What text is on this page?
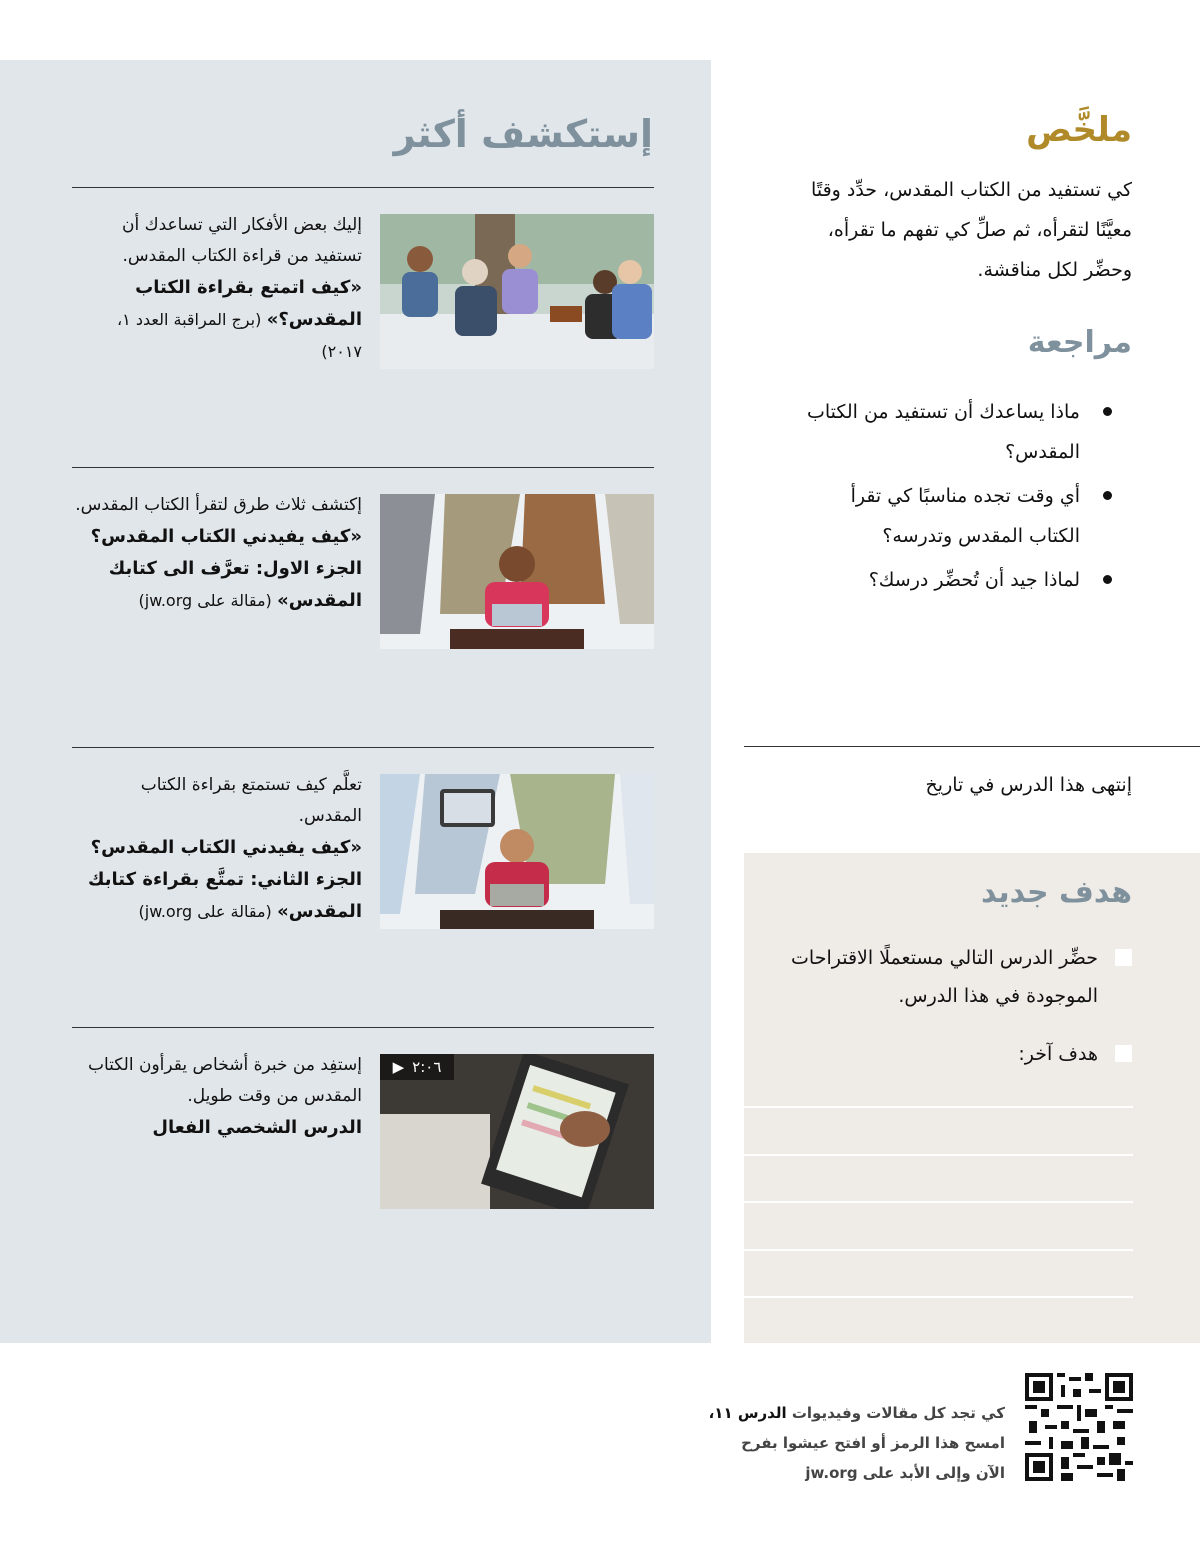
إستكشف أكثر
إليك بعض الأفكار التي تساعدك أن تستفيد من قراءة الكتاب المقدس.
«كيف اتمتع بقراءة الكتاب المقدس؟» (برج المراقبة العدد ١، ٢٠١٧)
إكتشف ثلاث طرق لتقرأ الكتاب المقدس.
«كيف يفيدني الكتاب المقدس؟ الجزء الاول: تعرَّف الى كتابك المقدس» (مقالة على jw.org)
تعلَّم كيف تستمتع بقراءة الكتاب المقدس.
«كيف يفيدني الكتاب المقدس؟ الجزء الثاني: تمتَّع بقراءة كتابك المقدس» (مقالة على jw.org)
▶ ٢:٠٦
إستفِد من خبرة أشخاص يقرأون الكتاب المقدس من وقت طويل.
الدرس الشخصي الفعال
ملخَّص

كي تستفيد من الكتاب المقدس، حدِّد وقتًا معيَّنًا لتقرأه، ثم صلِّ كي تفهم ما تقرأه، وحضِّر لكل مناقشة.

مراجعة
ماذا يساعدك أن تستفيد من الكتاب المقدس؟
أي وقت تجده مناسبًا كي تقرأ الكتاب المقدس وتدرسه؟
لماذا جيد أن تُحضِّر درسك؟

إنتهى هذا الدرس في تاريخ

هدف جديد
حضِّر الدرس التالي مستعملًا الاقتراحات الموجودة في هذا الدرس.
هدف آخر:
كي تجد كل مقالات وفيديوات الدرس ١١،
امسح هذا الرمز أو افتح عيشوا بفرح
الآن وإلى الأبد على jw.org
